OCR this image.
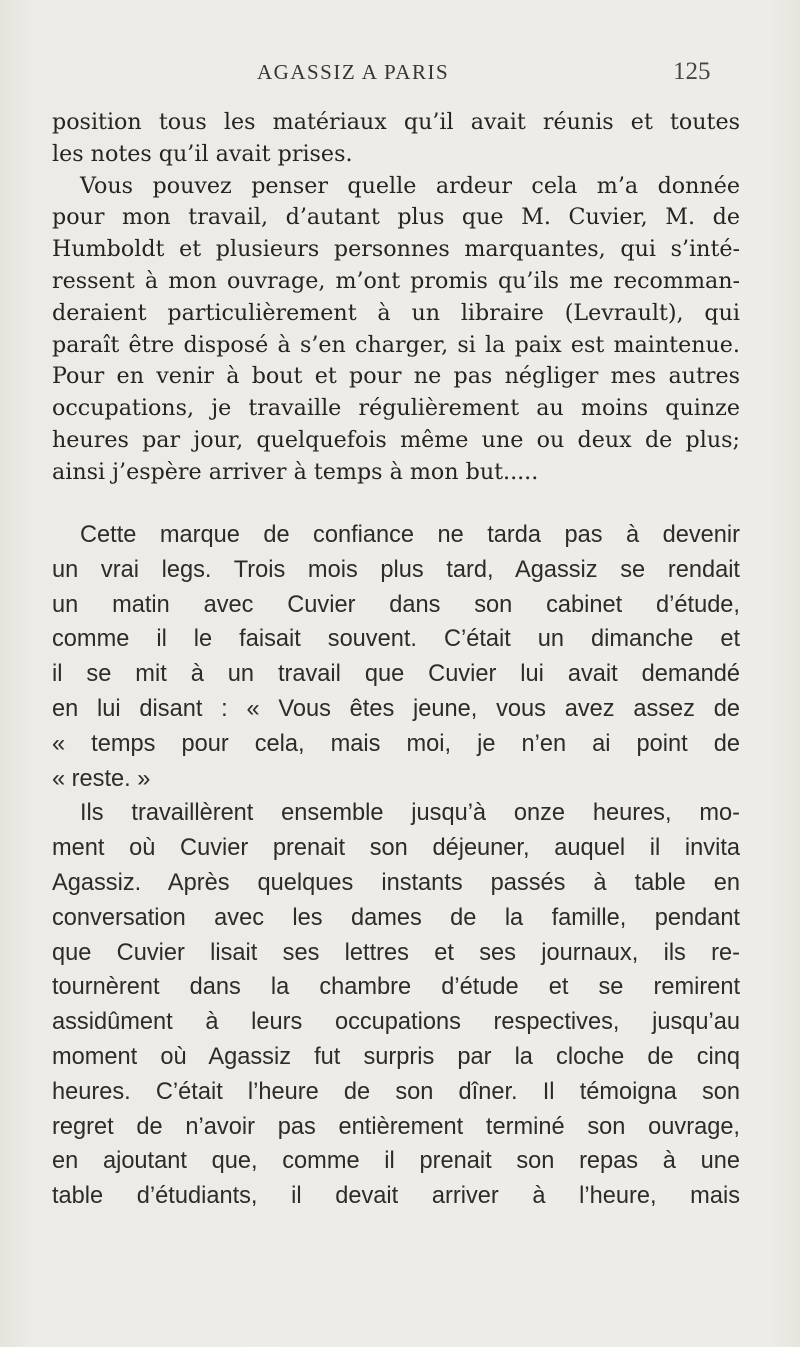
AGASSIZ A PARIS	125
position tous les matériaux qu’il avait réunis et toutes
les notes qu’il avait prises.
Vous pouvez penser quelle ardeur cela m’a donnée
pour mon travail, d’autant plus que M. Cuvier, M. de
Humboldt et plusieurs personnes marquantes, qui s’inté-
ressent à mon ouvrage, m’ont promis qu’ils me recomman-
deraient particulièrement à un libraire (Levrault), qui
paraît être disposé à s’en charger, si la paix est maintenue.
Pour en venir à bout et pour ne pas négliger mes autres
occupations, je travaille régulièrement au moins quinze
heures par jour, quelquefois même une ou deux de plus;
ainsi j’espère arriver à temps à mon but.....
Cette marque de confiance ne tarda pas à devenir
un vrai legs. Trois mois plus tard, Agassiz se rendait
un matin avec Cuvier dans son cabinet d’étude,
comme il le faisait souvent. C’était un dimanche et
il se mit à un travail que Cuvier lui avait demandé
en lui disant : « Vous êtes jeune, vous avez assez de
« temps pour cela, mais moi, je n’en ai point de
« reste. »
Ils travaillèrent ensemble jusqu’à onze heures, mo-
ment où Cuvier prenait son déjeuner, auquel il invita
Agassiz. Après quelques instants passés à table en
conversation avec les dames de la famille, pendant
que Cuvier lisait ses lettres et ses journaux, ils re-
tournèrent dans la chambre d’étude et se remirent
assidûment à leurs occupations respectives, jusqu’au
moment où Agassiz fut surpris par la cloche de cinq
heures. C’était l’heure de son dîner. Il témoigna son
regret de n’avoir pas entièrement terminé son ouvrage,
en ajoutant que, comme il prenait son repas à une
table d’étudiants, il devait arriver à l’heure, mais
